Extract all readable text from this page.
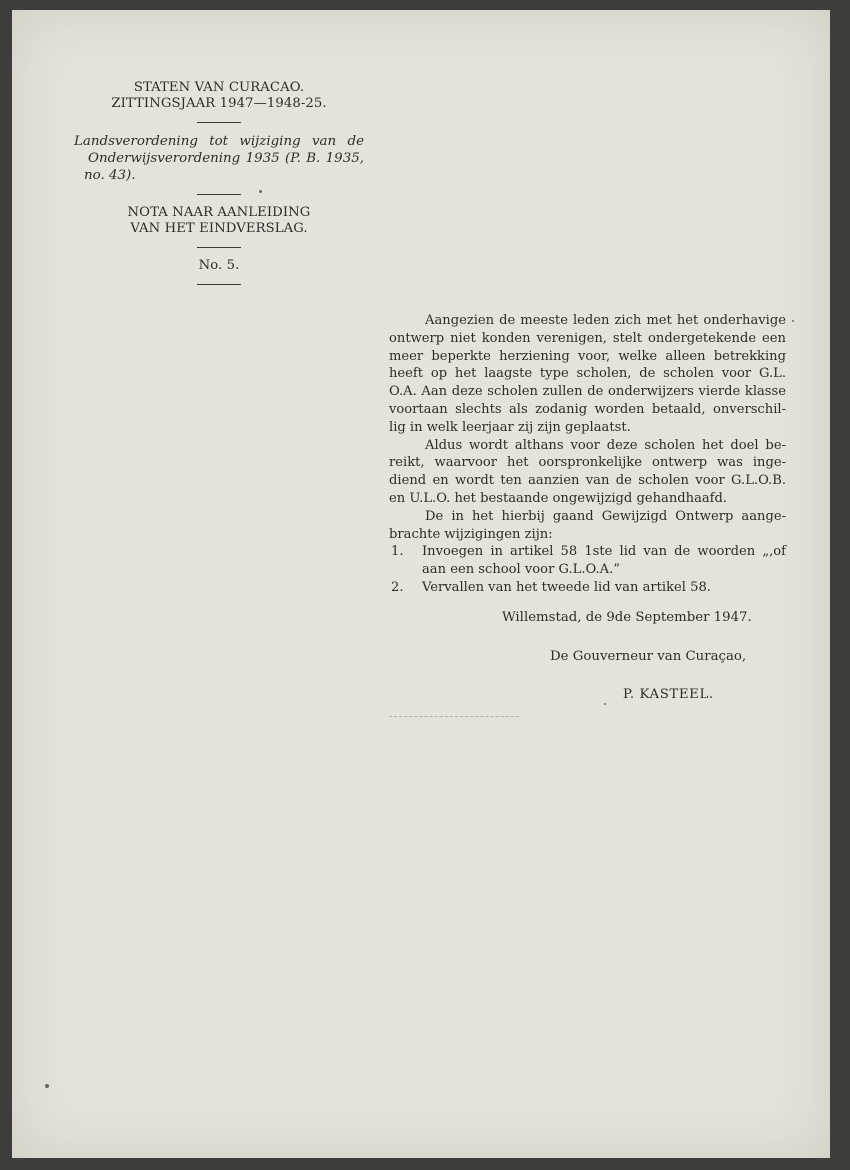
STATEN VAN CURACAO.
ZITTINGSJAAR 1947—1948-25.
Landsverordening tot wijziging van de
Onderwijsverordening 1935 (P. B. 1935,
no. 43).
NOTA NAAR AANLEIDING
VAN HET EINDVERSLAG.
No. 5.

Aangezien de meeste leden zich met het onderhavige
ontwerp niet konden verenigen, stelt ondergetekende een
meer beperkte herziening voor, welke alleen betrekking
heeft op het laagste type scholen, de scholen voor G.L.
O.A. Aan deze scholen zullen de onderwijzers vierde klasse
voortaan slechts als zodanig worden betaald, onverschil-
lig in welk leerjaar zij zijn geplaatst.

Aldus wordt althans voor deze scholen het doel be-
reikt, waarvoor het oorspronkelijke ontwerp was inge-
diend en wordt ten aanzien van de scholen voor G.L.O.B.
en U.L.O. het bestaande ongewijzigd gehandhaafd.

De in het hierbij gaand Gewijzigd Ontwerp aange-
brachte wijzigingen zijn:

1. Invoegen in artikel 58 1ste lid van de woorden „,of
aan een school voor G.L.O.A.”
2. Vervallen van het tweede lid van artikel 58.
Willemstad, de 9de September 1947.
De Gouverneur van Curaçao,
P. KASTEEL.
